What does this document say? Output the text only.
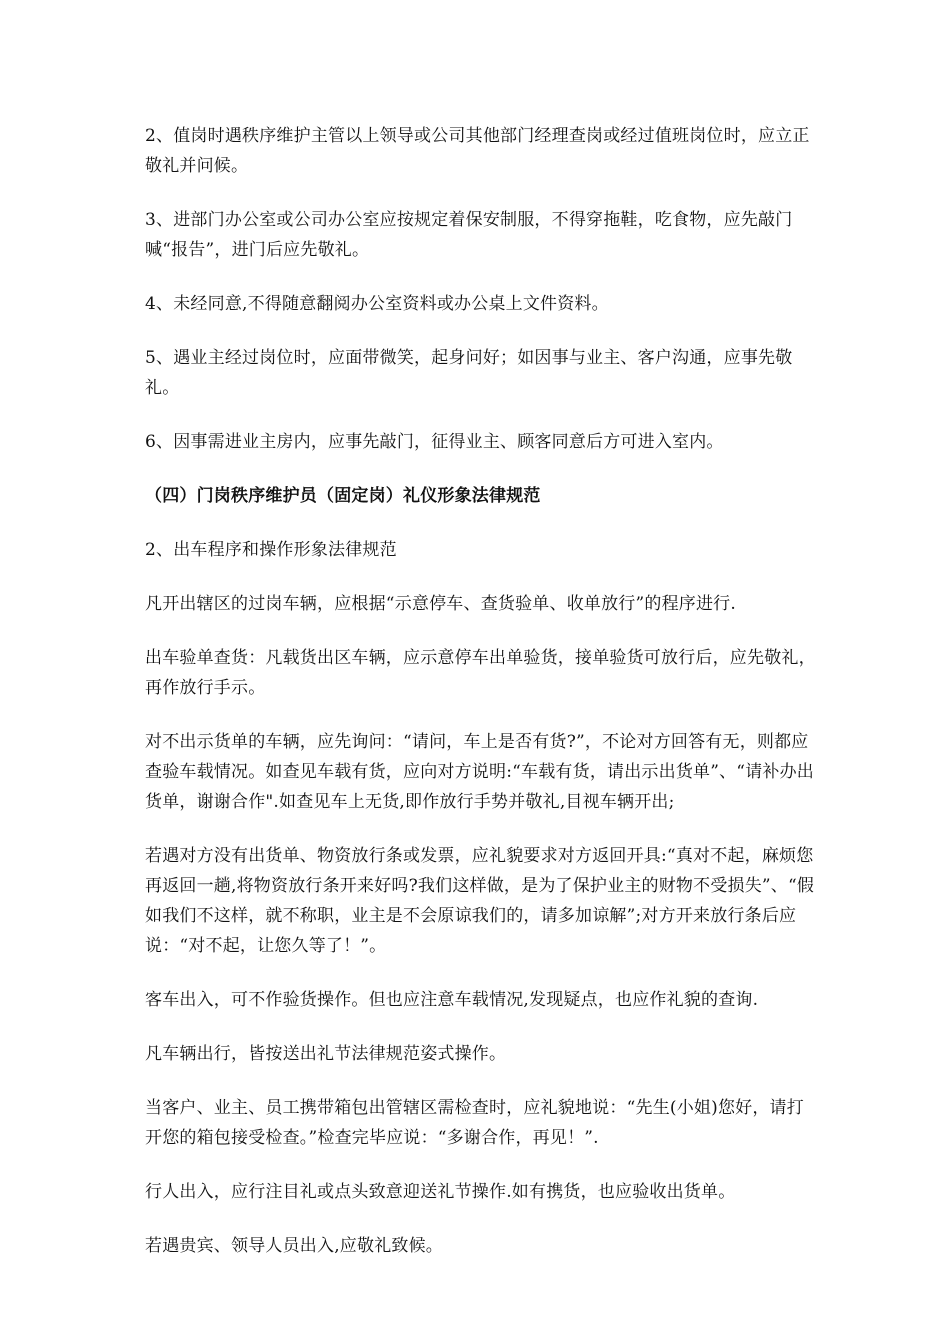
2、值岗时遇秩序维护主管以上领导或公司其他部门经理查岗或经过值班岗位时，应立正敬礼并问候。

3、进部门办公室或公司办公室应按规定着保安制服，不得穿拖鞋，吃食物，应先敲门喊“报告”，进门后应先敬礼。

4、未经同意,不得随意翻阅办公室资料或办公桌上文件资料。

5、遇业主经过岗位时，应面带微笑，起身问好；如因事与业主、客户沟通，应事先敬礼。

6、因事需进业主房内，应事先敲门，征得业主、顾客同意后方可进入室内。

（四）门岗秩序维护员（固定岗）礼仪形象法律规范

2、出车程序和操作形象法律规范

凡开出辖区的过岗车辆，应根据“示意停车、查货验单、收单放行”的程序进行.

出车验单查货：凡载货出区车辆，应示意停车出单验货，接单验货可放行后，应先敬礼，再作放行手示。

对不出示货单的车辆，应先询问：“请问，车上是否有货?”，不论对方回答有无，则都应查验车载情况。如查见车载有货，应向对方说明:“车载有货，请出示出货单”、“请补办出货单，谢谢合作".如查见车上无货,即作放行手势并敬礼,目视车辆开出;

若遇对方没有出货单、物资放行条或发票，应礼貌要求对方返回开具:“真对不起，麻烦您再返回一趟,将物资放行条开来好吗?我们这样做，是为了保护业主的财物不受损失”、“假如我们不这样，就不称职，业主是不会原谅我们的，请多加谅解”;对方开来放行条后应说：“对不起，让您久等了！”。

客车出入，可不作验货操作。但也应注意车载情况,发现疑点，也应作礼貌的查询.

凡车辆出行，皆按送出礼节法律规范姿式操作。

当客户、业主、员工携带箱包出管辖区需检查时，应礼貌地说：“先生(小姐)您好，请打开您的箱包接受检查。”检查完毕应说：“多谢合作，再见！”.

行人出入，应行注目礼或点头致意迎送礼节操作.如有携货，也应验收出货单。

若遇贵宾、领导人员出入,应敬礼致候。
